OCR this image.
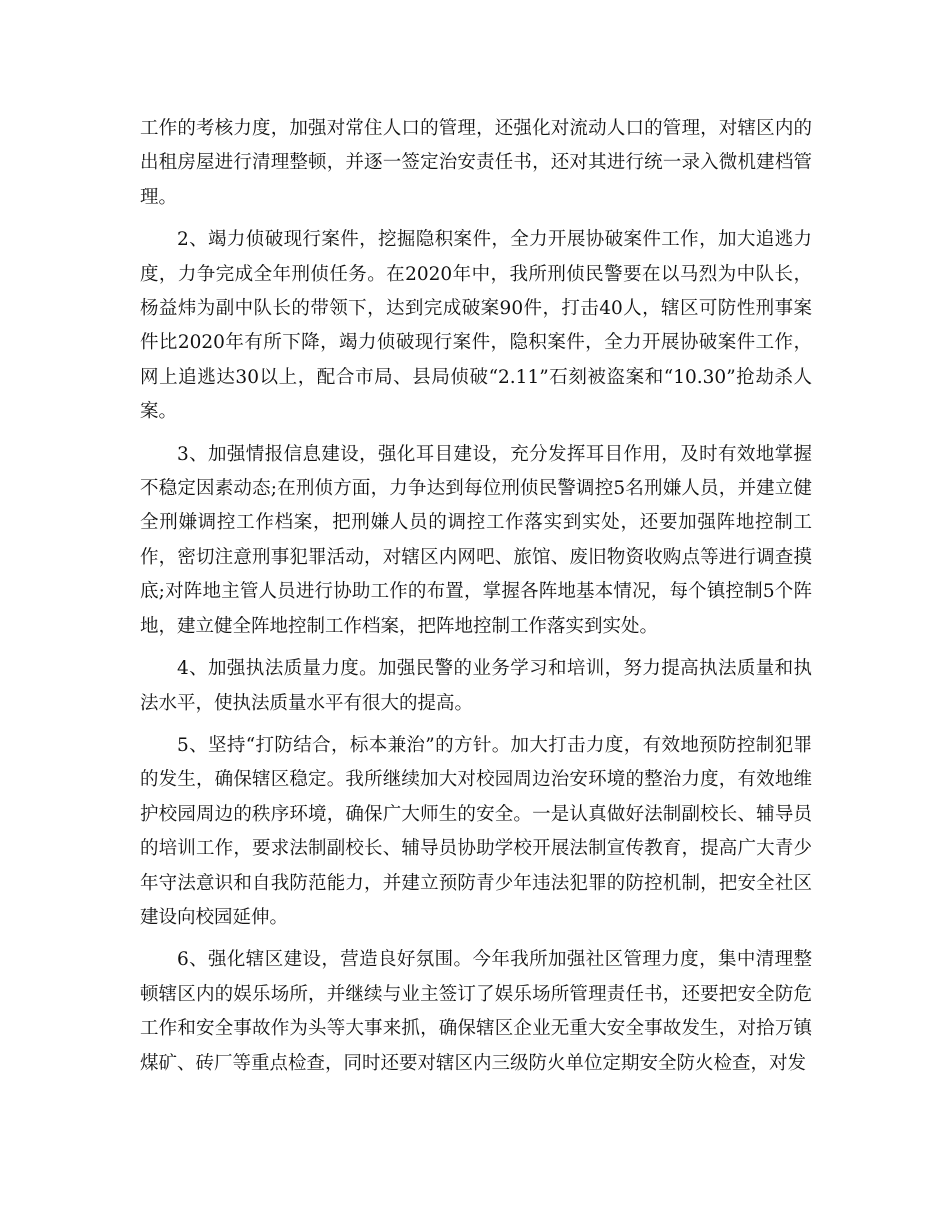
工作的考核力度，加强对常住人口的管理，还强化对流动人口的管理，对辖区内的出租房屋进行清理整顿，并逐一签定治安责任书，还对其进行统一录入微机建档管理。

2、竭力侦破现行案件，挖掘隐积案件，全力开展协破案件工作，加大追逃力度，力争完成全年刑侦任务。在2020年中，我所刑侦民警要在以马烈为中队长，杨益炜为副中队长的带领下，达到完成破案90件，打击40人，辖区可防性刑事案件比2020年有所下降，竭力侦破现行案件，隐积案件，全力开展协破案件工作，网上追逃达30以上，配合市局、县局侦破“2.11”石刻被盗案和“10.30”抢劫杀人案。

3、加强情报信息建设，强化耳目建设，充分发挥耳目作用，及时有效地掌握不稳定因素动态;在刑侦方面，力争达到每位刑侦民警调控5名刑嫌人员，并建立健全刑嫌调控工作档案，把刑嫌人员的调控工作落实到实处，还要加强阵地控制工作，密切注意刑事犯罪活动，对辖区内网吧、旅馆、废旧物资收购点等进行调查摸底;对阵地主管人员进行协助工作的布置，掌握各阵地基本情况，每个镇控制5个阵地，建立健全阵地控制工作档案，把阵地控制工作落实到实处。

4、加强执法质量力度。加强民警的业务学习和培训，努力提高执法质量和执法水平，使执法质量水平有很大的提高。

5、坚持“打防结合，标本兼治”的方针。加大打击力度，有效地预防控制犯罪的发生，确保辖区稳定。我所继续加大对校园周边治安环境的整治力度，有效地维护校园周边的秩序环境，确保广大师生的安全。一是认真做好法制副校长、辅导员的培训工作，要求法制副校长、辅导员协助学校开展法制宣传教育，提高广大青少年守法意识和自我防范能力，并建立预防青少年违法犯罪的防控机制，把安全社区建设向校园延伸。

6、强化辖区建设，营造良好氛围。今年我所加强社区管理力度，集中清理整顿辖区内的娱乐场所，并继续与业主签订了娱乐场所管理责任书，还要把安全防危工作和安全事故作为头等大事来抓，确保辖区企业无重大安全事故发生，对拾万镇煤矿、砖厂等重点检查，同时还要对辖区内三级防火单位定期安全防火检查，对发
